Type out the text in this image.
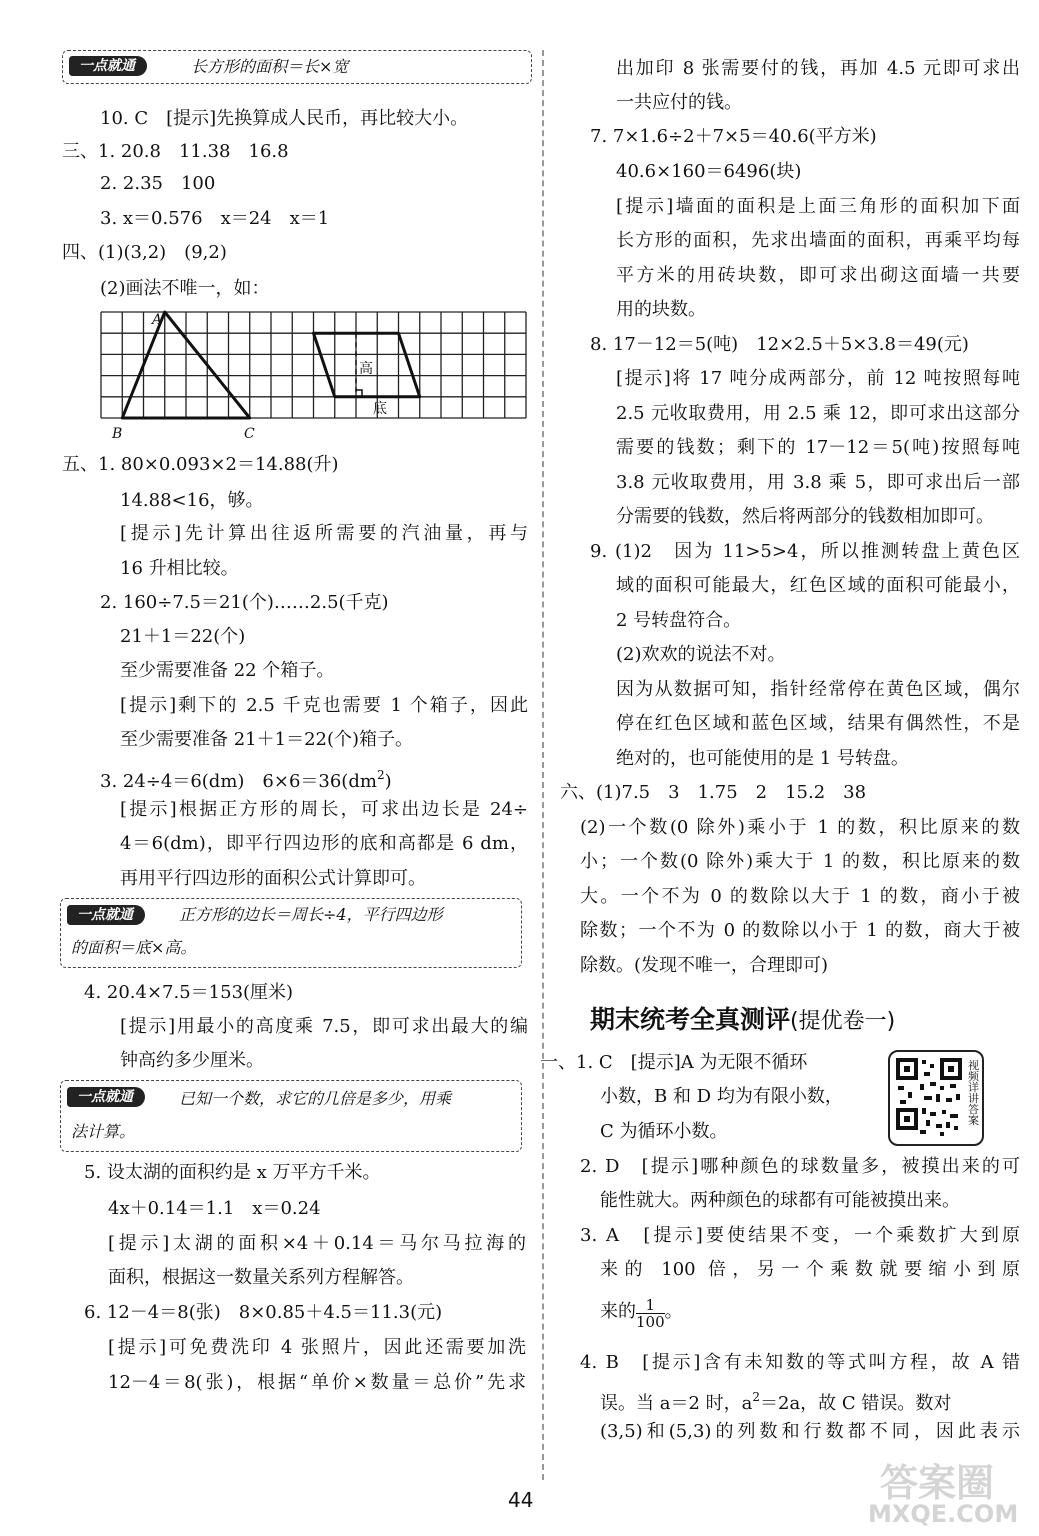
一点就通	长方形的面积＝长×宽
10. C　[提示]先换算成人民币，再比较大小。
三、1. 20.8　11.38　16.8
2. 2.35　100
3. x＝0.576　x＝24　x＝1
四、(1)(3,2)　(9,2)
(2)画法不唯一，如：
A
B	C
高
底
五、1. 80×0.093×2＝14.88(升)
14.88<16，够。
[提示]先计算出往返所需要的汽油量，再与
16 升相比较。
2. 160÷7.5＝21(个)……2.5(千克)
21＋1＝22(个)
至少需要准备 22 个箱子。
[提示]剩下的 2.5 千克也需要 1 个箱子，因此
至少需要准备 21＋1＝22(个)箱子。
3. 24÷4＝6(dm)　$6\times 6=36(dm^2)$
[提示]根据正方形的周长，可求出边长是 24÷
4＝6(dm)，即平行四边形的底和高都是 6 dm，
再用平行四边形的面积公式计算即可。
一点就通	正方形的边长＝周长÷4，平行四边形
的面积＝底×高。
4. 20.4×7.5＝153(厘米)
[提示]用最小的高度乘 7.5，即可求出最大的编
钟高约多少厘米。
一点就通	已知一个数，求它的几倍是多少，用乘
法计算。
5. 设太湖的面积约是 x 万平方千米。
4x＋0.14＝1.1　x＝0.24
[提示]太湖的面积×4＋0.14＝马尔马拉海的
面积，根据这一数量关系列方程解答。
6. 12－4＝8(张)　8×0.85＋4.5＝11.3(元)
[提示]可免费洗印 4 张照片，因此还需要加洗
12－4＝8(张)，根据“单价×数量＝总价”先求
出加印 8 张需要付的钱，再加 4.5 元即可求出
一共应付的钱。
7. 7×1.6÷2＋7×5＝40.6(平方米)
40.6×160＝6496(块)
[提示]墙面的面积是上面三角形的面积加下面
长方形的面积，先求出墙面的面积，再乘平均每
平方米的用砖块数，即可求出砌这面墙一共要
用的块数。
8. 17－12＝5(吨)　12×2.5＋5×3.8＝49(元)
[提示]将 17 吨分成两部分，前 12 吨按照每吨
2.5 元收取费用，用 2.5 乘 12，即可求出这部分
需要的钱数；剩下的 17－12＝5(吨)按照每吨
3.8 元收取费用，用 3.8 乘 5，即可求出后一部
分需要的钱数，然后将两部分的钱数相加即可。
9. (1)2　因为 11>5>4，所以推测转盘上黄色区
域的面积可能最大，红色区域的面积可能最小，
2 号转盘符合。
(2)欢欢的说法不对。
因为从数据可知，指针经常停在黄色区域，偶尔
停在红色区域和蓝色区域，结果有偶然性，不是
绝对的，也可能使用的是 1 号转盘。
六、(1)7.5　3　1.75　2　15.2　38
(2)一个数(0 除外)乘小于 1 的数，积比原来的数
小；一个数(0 除外)乘大于 1 的数，积比原来的数
大。一个不为 0 的数除以大于 1 的数，商小于被
除数；一个不为 0 的数除以小于 1 的数，商大于被
除数。(发现不唯一，合理即可)
期末统考全真测评(提优卷一)
一、1. C　[提示]A 为无限不循环
小数，B 和 D 均为有限小数，
C 为循环小数。
视频详讲答案
2. D　[提示]哪种颜色的球数量多，被摸出来的可
能性就大。两种颜色的球都有可能被摸出来。
3. A　[提示]要使结果不变，一个乘数扩大到原
来的 100 倍，另一个乘数就要缩小到原
来的 $\frac{1}{100}$ 。
4. B　[提示]含有未知数的等式叫方程，故 A 错
误。当 a＝2 时，$a^2=2a$，故 C 错误。数对
(3,5)和(5,3)的列数和行数都不同，因此表示
44	答案圈
MXQE.COM
